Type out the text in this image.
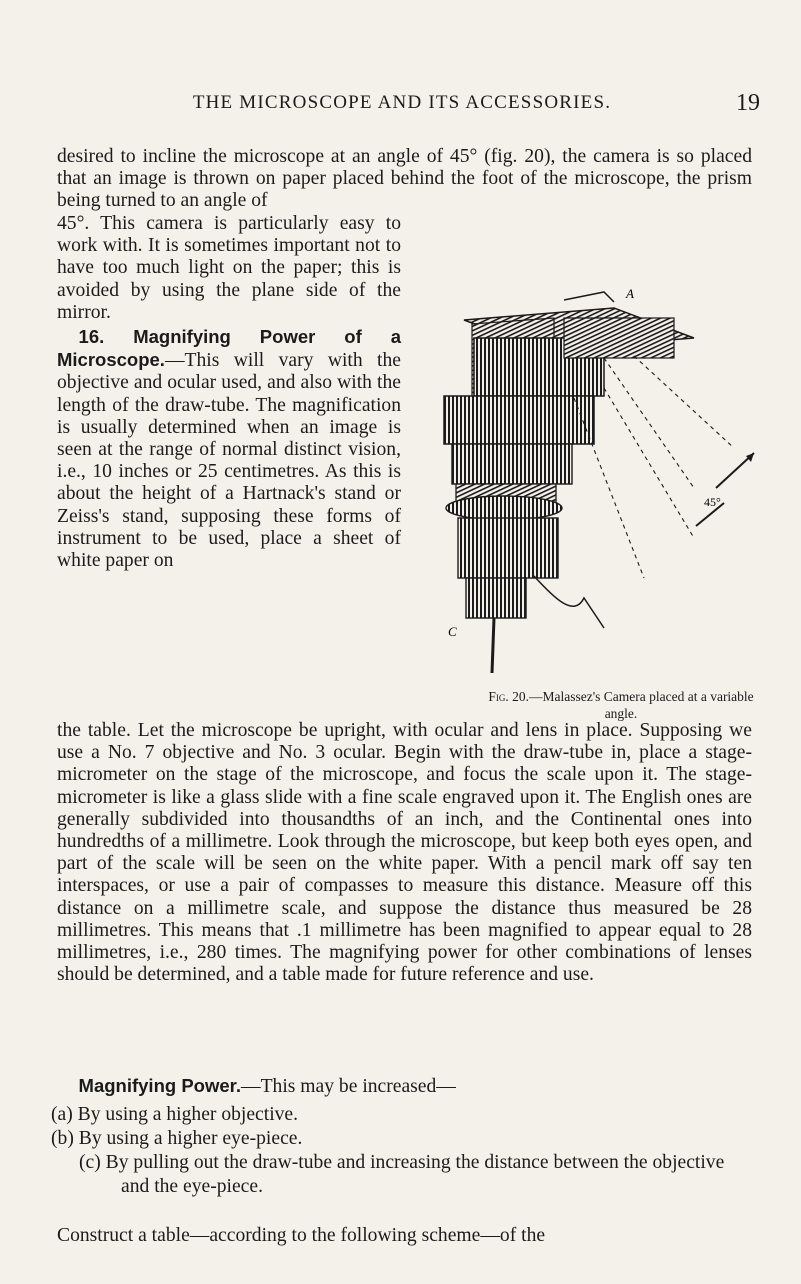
THE MICROSCOPE AND ITS ACCESSORIES.	19

desired to incline the microscope at an angle of 45° (fig. 20), the camera is so placed that an image is thrown on paper placed behind the foot of the microscope, the prism being turned to an angle of

45°. This camera is particularly easy to work with. It is sometimes important not to have too much light on the paper; this is avoided by using the plane side of the mirror.

16. Magnifying Power of a Microscope.—This will vary with the objective and ocular used, and also with the length of the draw-tube. The magnification is usually determined when an image is seen at the range of normal distinct vision, i.e., 10 inches or 25 centimetres. As this is about the height of a Hartnack's stand or Zeiss's stand, supposing these forms of instrument to be used, place a sheet of white paper on

A
C
45°
Fig. 20.—Malassez's Camera placed at a variable angle.

the table. Let the microscope be upright, with ocular and lens in place. Supposing we use a No. 7 objective and No. 3 ocular. Begin with the draw-tube in, place a stage-micrometer on the stage of the microscope, and focus the scale upon it. The stage-micrometer is like a glass slide with a fine scale engraved upon it. The English ones are generally subdivided into thousandths of an inch, and the Continental ones into hundredths of a millimetre. Look through the microscope, but keep both eyes open, and part of the scale will be seen on the white paper. With a pencil mark off say ten interspaces, or use a pair of compasses to measure this distance. Measure off this distance on a millimetre scale, and suppose the distance thus measured be 28 millimetres. This means that .1 millimetre has been magnified to appear equal to 28 millimetres, i.e., 280 times. The magnifying power for other combinations of lenses should be determined, and a table made for future reference and use.

Magnifying Power.—This may be increased—

(a) By using a higher objective.
(b) By using a higher eye-piece.
(c) By pulling out the draw-tube and increasing the distance between the objective and the eye-piece.

Construct a table—according to the following scheme—of the
